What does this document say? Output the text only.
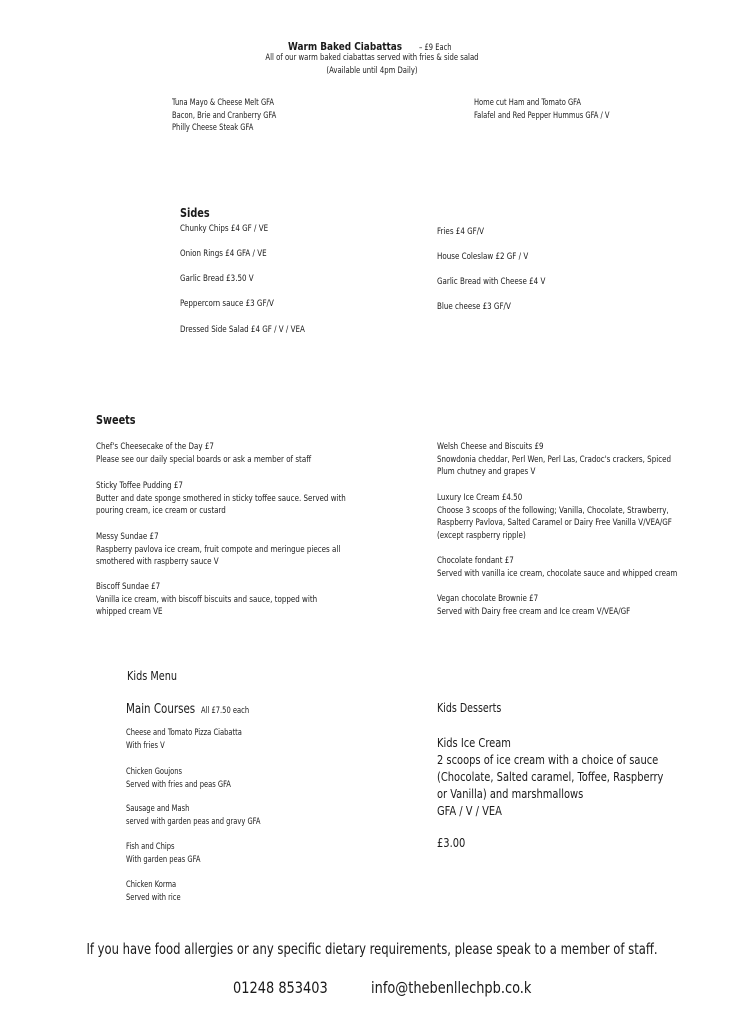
Warm Baked Ciabattas – £9 Each
All of our warm baked ciabattas served with fries & side salad
(Available until 4pm Daily)
Tuna Mayo & Cheese Melt GFA
Bacon, Brie and Cranberry GFA
Philly Cheese Steak GFA
Home cut Ham and Tomato GFA
Falafel and Red Pepper Hummus GFA / V
Sides
Chunky Chips £4 GF / VE
Onion Rings £4 GFA / VE
Garlic Bread £3.50 V
Peppercorn sauce £3 GF/V
Dressed Side Salad £4 GF / V / VEA
Fries £4 GF/V
House Coleslaw £2 GF / V
Garlic Bread with Cheese £4 V
Blue cheese £3 GF/V
Sweets
Chef's Cheesecake of the Day £7
Please see our daily special boards or ask a member of staff
Sticky Toffee Pudding £7
Butter and date sponge smothered in sticky toffee sauce. Served with
pouring cream, ice cream or custard
Messy Sundae £7
Raspberry pavlova ice cream, fruit compote and meringue pieces all
smothered with raspberry sauce V
Biscoff Sundae £7
Vanilla ice cream, with biscoff biscuits and sauce, topped with
whipped cream VE
Welsh Cheese and Biscuits £9
Snowdonia cheddar, Perl Wen, Perl Las, Cradoc's crackers, Spiced
Plum chutney and grapes V
Luxury Ice Cream £4.50
Choose 3 scoops of the following; Vanilla, Chocolate, Strawberry,
Raspberry Pavlova, Salted Caramel or Dairy Free Vanilla V/VEA/GF
(except raspberry ripple)
Chocolate fondant £7
Served with vanilla ice cream, chocolate sauce and whipped cream
Vegan chocolate Brownie £7
Served with Dairy free cream and Ice cream V/VEA/GF
Kids Menu
Main Courses All £7.50 each
Cheese and Tomato Pizza Ciabatta
With fries V
Chicken Goujons
Served with fries and peas GFA
Sausage and Mash
served with garden peas and gravy GFA
Fish and Chips
With garden peas GFA
Chicken Korma
Served with rice
Kids Desserts
Kids Ice Cream
2 scoops of ice cream with a choice of sauce
(Chocolate, Salted caramel, Toffee, Raspberry
or Vanilla) and marshmallows
GFA / V / VEA
£3.00
If you have food allergies or any specific dietary requirements, please speak to a member of staff.
01248 853403	info@thebenllechpb.co.k
